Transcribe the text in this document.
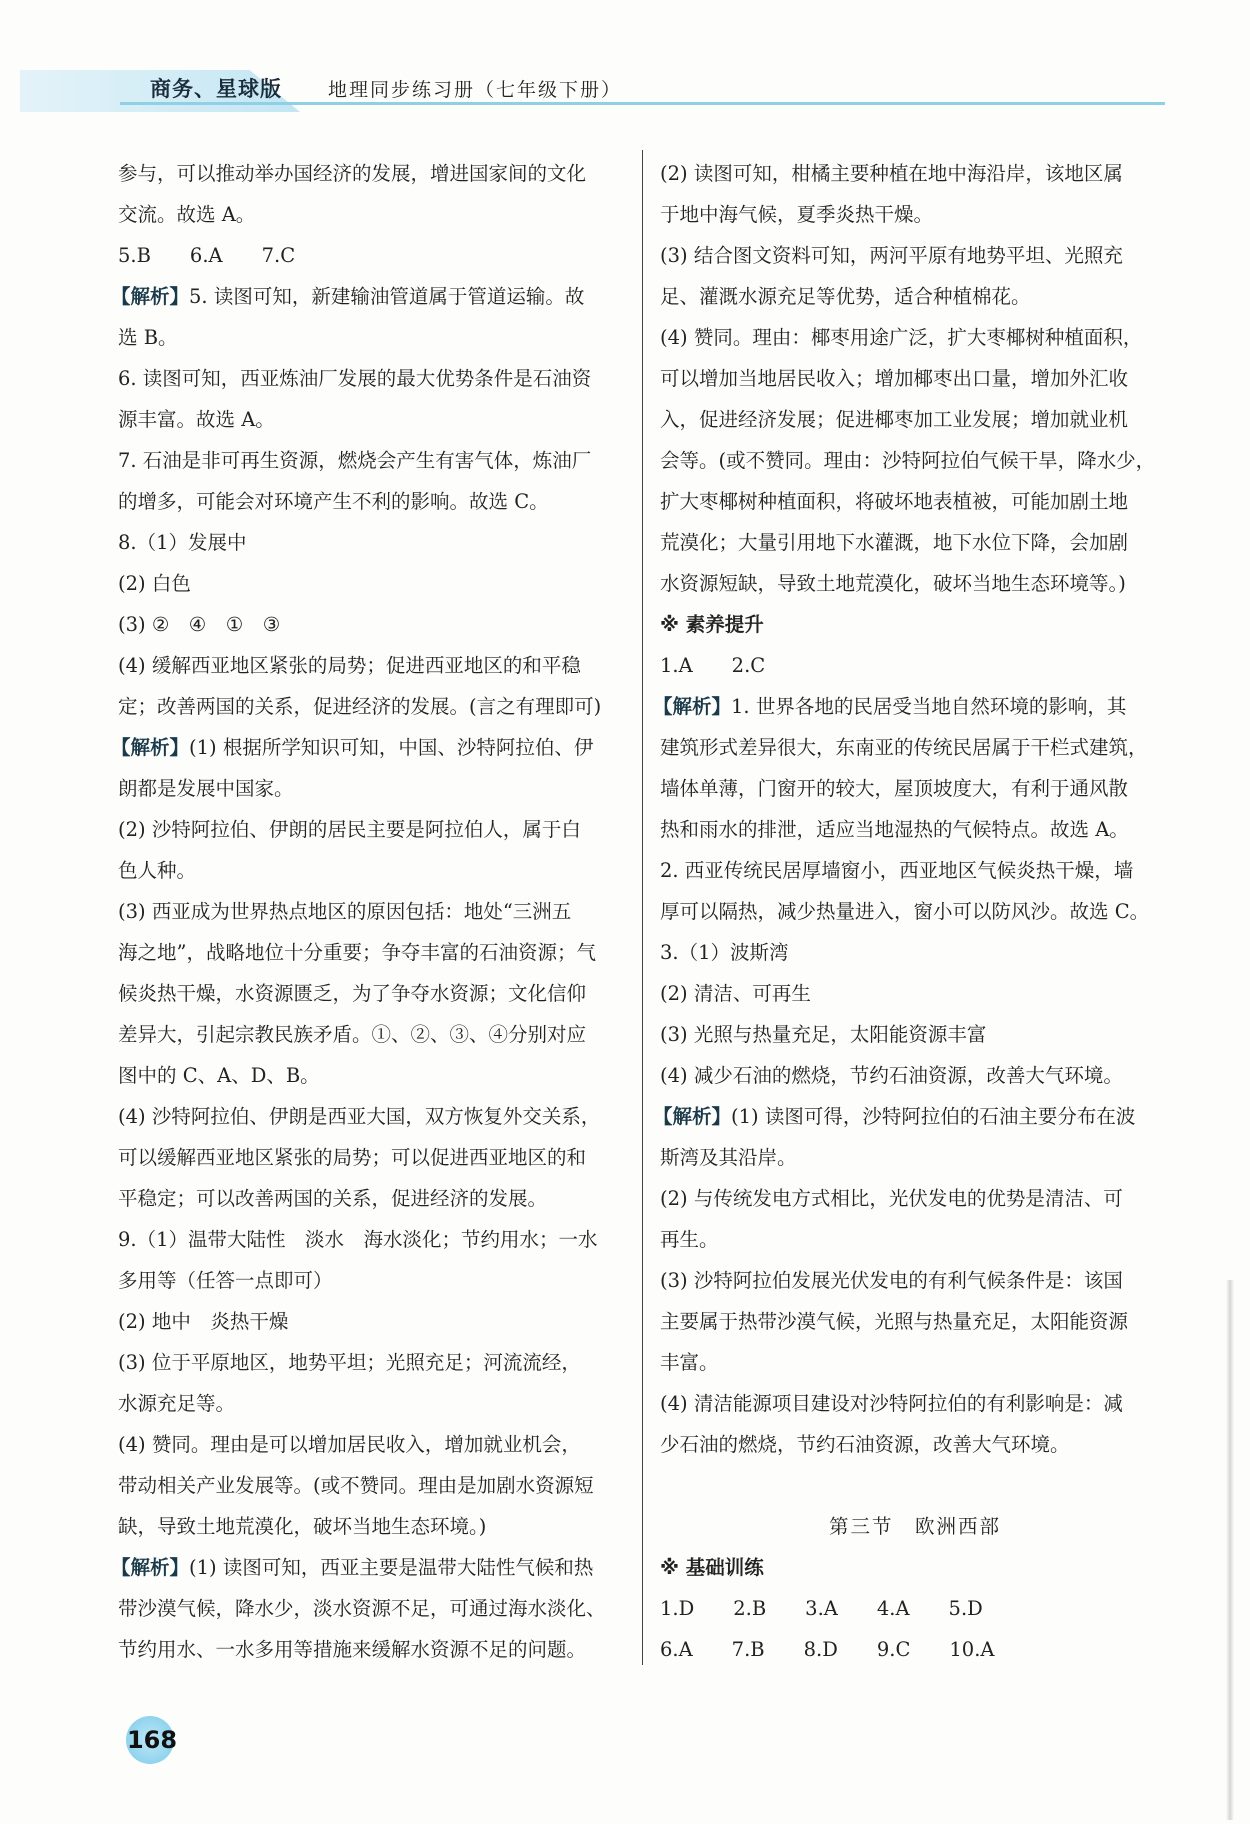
商务、星球版 地理同步练习册（七年级下册）
参与，可以推动举办国经济的发展，增进国家间的文化
交流。故选 A。
5.B　　6.A　　7.C
【解析】5. 读图可知，新建输油管道属于管道运输。故
选 B。
6. 读图可知，西亚炼油厂发展的最大优势条件是石油资
源丰富。故选 A。
7. 石油是非可再生资源，燃烧会产生有害气体，炼油厂
的增多，可能会对环境产生不利的影响。故选 C。
8.（1）发展中
(2) 白色
(3) ②　④　①　③
(4) 缓解西亚地区紧张的局势；促进西亚地区的和平稳
定；改善两国的关系，促进经济的发展。(言之有理即可)
【解析】(1) 根据所学知识可知，中国、沙特阿拉伯、伊
朗都是发展中国家。
(2) 沙特阿拉伯、伊朗的居民主要是阿拉伯人，属于白
色人种。
(3) 西亚成为世界热点地区的原因包括：地处“三洲五
海之地”，战略地位十分重要；争夺丰富的石油资源；气
候炎热干燥，水资源匮乏，为了争夺水资源；文化信仰
差异大，引起宗教民族矛盾。①、②、③、④分别对应
图中的 C、A、D、B。
(4) 沙特阿拉伯、伊朗是西亚大国，双方恢复外交关系，
可以缓解西亚地区紧张的局势；可以促进西亚地区的和
平稳定；可以改善两国的关系，促进经济的发展。
9.（1）温带大陆性　淡水　海水淡化；节约用水；一水
多用等（任答一点即可）
(2) 地中　炎热干燥
(3) 位于平原地区，地势平坦；光照充足；河流流经，
水源充足等。
(4) 赞同。理由是可以增加居民收入，增加就业机会，
带动相关产业发展等。(或不赞同。理由是加剧水资源短
缺，导致土地荒漠化，破坏当地生态环境。)
【解析】(1) 读图可知，西亚主要是温带大陆性气候和热
带沙漠气候，降水少，淡水资源不足，可通过海水淡化、
节约用水、一水多用等措施来缓解水资源不足的问题。
(2) 读图可知，柑橘主要种植在地中海沿岸，该地区属
于地中海气候，夏季炎热干燥。
(3) 结合图文资料可知，两河平原有地势平坦、光照充
足、灌溉水源充足等优势，适合种植棉花。
(4) 赞同。理由：椰枣用途广泛，扩大枣椰树种植面积，
可以增加当地居民收入；增加椰枣出口量，增加外汇收
入，促进经济发展；促进椰枣加工业发展；增加就业机
会等。(或不赞同。理由：沙特阿拉伯气候干旱，降水少，
扩大枣椰树种植面积，将破坏地表植被，可能加剧土地
荒漠化；大量引用地下水灌溉，地下水位下降，会加剧
水资源短缺，导致土地荒漠化，破坏当地生态环境等。)
※ 素养提升
1.A　　2.C
【解析】1. 世界各地的民居受当地自然环境的影响，其
建筑形式差异很大，东南亚的传统民居属于干栏式建筑，
墙体单薄，门窗开的较大，屋顶坡度大，有利于通风散
热和雨水的排泄，适应当地湿热的气候特点。故选 A。
2. 西亚传统民居厚墙窗小，西亚地区气候炎热干燥，墙
厚可以隔热，减少热量进入，窗小可以防风沙。故选 C。
3.（1）波斯湾
(2) 清洁、可再生
(3) 光照与热量充足，太阳能资源丰富
(4) 减少石油的燃烧，节约石油资源，改善大气环境。
【解析】(1) 读图可得，沙特阿拉伯的石油主要分布在波
斯湾及其沿岸。
(2) 与传统发电方式相比，光伏发电的优势是清洁、可
再生。
(3) 沙特阿拉伯发展光伏发电的有利气候条件是：该国
主要属于热带沙漠气候，光照与热量充足，太阳能资源
丰富。
(4) 清洁能源项目建设对沙特阿拉伯的有利影响是：减
少石油的燃烧，节约石油资源，改善大气环境。
第三节　欧洲西部
※ 基础训练
1.D　　2.B　　3.A　　4.A　　5.D
6.A　　7.B　　8.D　　9.C　　10.A
168
